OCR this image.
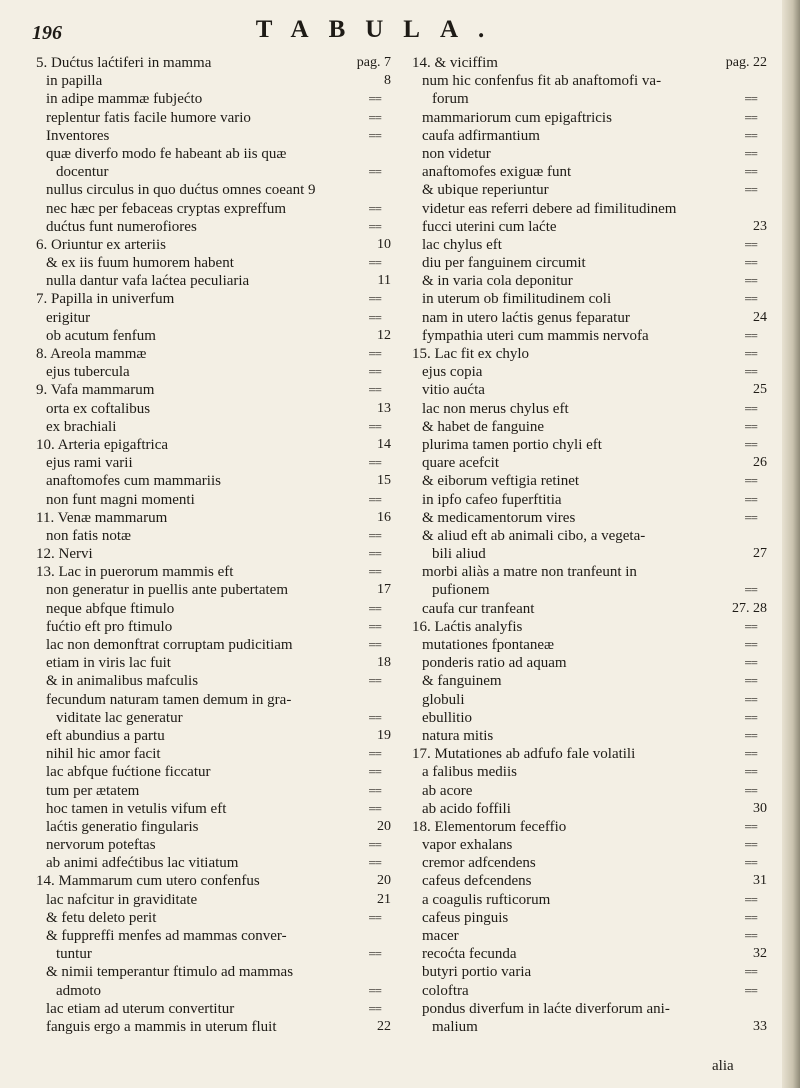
196	TABULA.
5. Dućtus laćtiferi in mamma	pag. 7
in papilla	8
in adipe mammæ fubjećto	==
replentur fatis facile humore vario	==
Inventores	==
quæ diverfo modo fe habeant ab iis quæ
docentur	==
nullus circulus in quo dućtus omnes coeant 9
nec hæc per febaceas cryptas expreffum	==
dućtus funt numerofiores	==
6. Oriuntur ex arteriis	10
& ex iis fuum humorem habent	==
nulla dantur vafa laćtea peculiaria	11
7. Papilla in univerfum	==
erigitur	==
ob acutum fenfum	12
8. Areola mammæ	==
ejus tubercula	==
9. Vafa mammarum	==
orta ex coftalibus	13
ex brachiali	==
10. Arteria epigaftrica	14
ejus rami varii	==
anaftomofes cum mammariis	15
non funt magni momenti	==
11. Venæ mammarum	16
non fatis notæ	==
12. Nervi	==
13. Lac in puerorum mammis eft	==
non generatur in puellis ante pubertatem	17
neque abfque ftimulo	==
fućtio eft pro ftimulo	==
lac non demonftrat corruptam pudicitiam	==
etiam in viris lac fuit	18
& in animalibus mafculis	==
fecundum naturam tamen demum in gra-
viditate lac generatur	==
eft abundius a partu	19
nihil hic amor facit	==
lac abfque fućtione ficcatur	==
tum per ætatem	==
hoc tamen in vetulis vifum eft	==
laćtis generatio fingularis	20
nervorum poteftas	==
ab animi adfećtibus lac vitiatum	==
14. Mammarum cum utero confenfus	20
lac nafcitur in graviditate	21
& fetu deleto perit	==
& fuppreffi menfes ad mammas conver-
tuntur	==
& nimii temperantur ftimulo ad mammas
admoto	==
lac etiam ad uterum convertitur	==
fanguis ergo a mammis in uterum fluit	22
14. & viciffim	pag. 22
num hic confenfus fit ab anaftomofi va-
forum	==
mammariorum cum epigaftricis	==
caufa adfirmantium	==
non videtur	==
anaftomofes exiguæ funt	==
& ubique reperiuntur	==
videtur eas referri debere ad fimilitudinem
fucci uterini cum laćte	23
lac chylus eft	==
diu per fanguinem circumit	==
& in varia cola deponitur	==
in uterum ob fimilitudinem coli	==
nam in utero laćtis genus feparatur	24
fympathia uteri cum mammis nervofa	==
15. Lac fit ex chylo	==
ejus copia	==
vitio aućta	25
lac non merus chylus eft	==
& habet de fanguine	==
plurima tamen portio chyli eft	==
quare acefcit	26
& eiborum veftigia retinet	==
in ipfo cafeo fuperftitia	==
& medicamentorum vires	==
& aliud eft ab animali cibo, a vegeta-
bili aliud	27
morbi aliàs a matre non tranfeunt in
pufionem	==
caufa cur tranfeant	27. 28
16. Laćtis analyfis	==
mutationes fpontaneæ	==
ponderis ratio ad aquam	==
& fanguinem	==
globuli	==
ebullitio	==
natura mitis	==
17. Mutationes ab adfufo fale volatili	==
a falibus mediis	==
ab acore	==
ab acido foffili	30
18. Elementorum feceffio	==
vapor exhalans	==
cremor adfcendens	==
cafeus defcendens	31
a coagulis rufticorum	==
cafeus pinguis	==
macer	==
recoćta fecunda	32
butyri portio varia	==
coloftra	==
pondus diverfum in laćte diverforum ani-
malium	33
alia
